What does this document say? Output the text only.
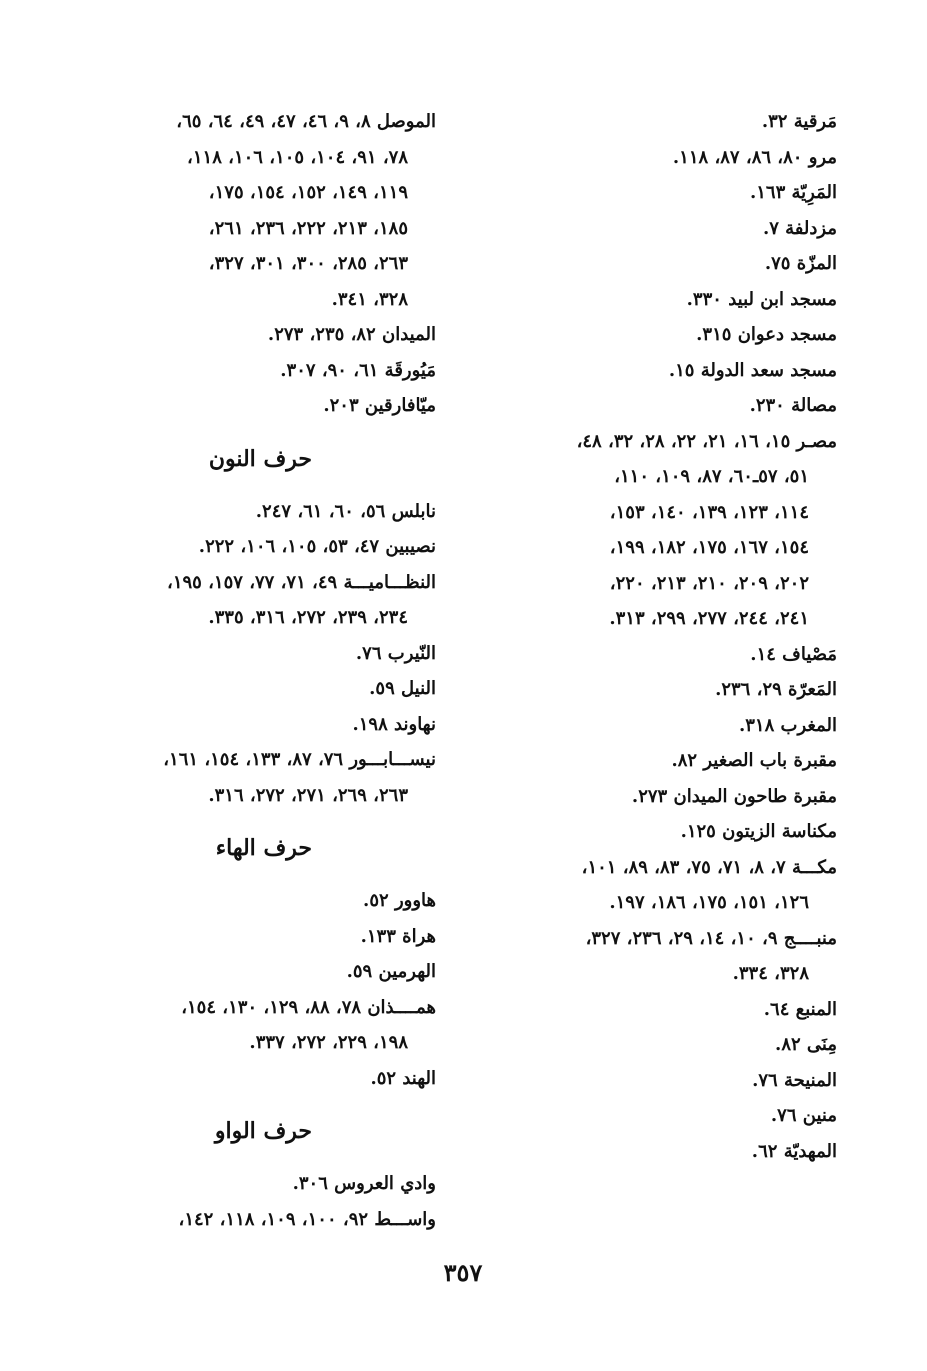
مَرقية ٣٢.
مرو ٨٠، ٨٦، ٨٧، ١١٨.
المَرِيّة ١٦٣.
مزدلفة ٧.
المزّة ٧٥.
مسجد ابن لبيد ٣٣٠.
مسجد دعوان ٣١٥.
مسجد سعد الدولة ١٥.
مصالة ٢٣٠.
مصـر ١٥، ١٦، ٢١، ٢٢، ٢٨، ٣٢، ٤٨،
٥١، ٥٧ـ٦٠، ٨٧، ١٠٩، ١١٠،
١١٤، ١٢٣، ١٣٩، ١٤٠، ١٥٣،
١٥٤، ١٦٧، ١٧٥، ١٨٢، ١٩٩،
٢٠٢، ٢٠٩، ٢١٠، ٢١٣، ٢٢٠،
٢٤١، ٢٤٤، ٢٧٧، ٢٩٩، ٣١٣.
مَصْياف ١٤.
المَعرّة ٢٩، ٢٣٦.
المغرب ٣١٨.
مقبرة باب الصغير ٨٢.
مقبرة طاحون الميدان ٢٧٣.
مكناسة الزيتون ١٢٥.
مكـــة ٧، ٨، ٧١، ٧٥، ٨٣، ٨٩، ١٠١،
١٢٦، ١٥١، ١٧٥، ١٨٦، ١٩٧.
منبــــج ٩، ١٠، ١٤، ٢٩، ٢٣٦، ٣٢٧،
٣٢٨، ٣٣٤.
المنبع ٦٤.
مِنَى ٨٢.
المنيحة ٧٦.
منين ٧٦.
المهديّة ٦٢.
الموصل ٨، ٩، ٤٦، ٤٧، ٤٩، ٦٤، ٦٥،
٧٨، ٩١، ١٠٤، ١٠٥، ١٠٦، ١١٨،
١١٩، ١٤٩، ١٥٢، ١٥٤، ١٧٥،
١٨٥، ٢١٣، ٢٢٢، ٢٣٦، ٢٦١،
٢٦٣، ٢٨٥، ٣٠٠، ٣٠١، ٣٢٧،
٣٢٨، ٣٤١.
الميدان ٨٢، ٢٣٥، ٢٧٣.
مَيُورقَة ٦١، ٩٠، ٣٠٧.
ميّافارقين ٢٠٣.
حرف النون
نابلس ٥٦، ٦٠، ٦١، ٢٤٧.
نصيبين ٤٧، ٥٣، ١٠٥، ١٠٦، ٢٢٢.
النظـــاميـــة ٤٩، ٧١، ٧٧، ١٥٧، ١٩٥،
٢٣٤، ٢٣٩، ٢٧٢، ٣١٦، ٣٣٥.
النّيرب ٧٦.
النيل ٥٩.
نهاوند ١٩٨.
نيســـابـــور ٧٦، ٨٧، ١٣٣، ١٥٤، ١٦١،
٢٦٣، ٢٦٩، ٢٧١، ٢٧٢، ٣١٦.
حرف الهاء
هاوور ٥٢.
هراة ١٣٣.
الهرمين ٥٩.
همــــذان ٧٨، ٨٨، ١٢٩، ١٣٠، ١٥٤،
١٩٨، ٢٢٩، ٢٧٢، ٣٣٧.
الهند ٥٢.
حرف الواو
وادي العروس ٣٠٦.
واســـط ٩٢، ١٠٠، ١٠٩، ١١٨، ١٤٢،
٣٥٧
